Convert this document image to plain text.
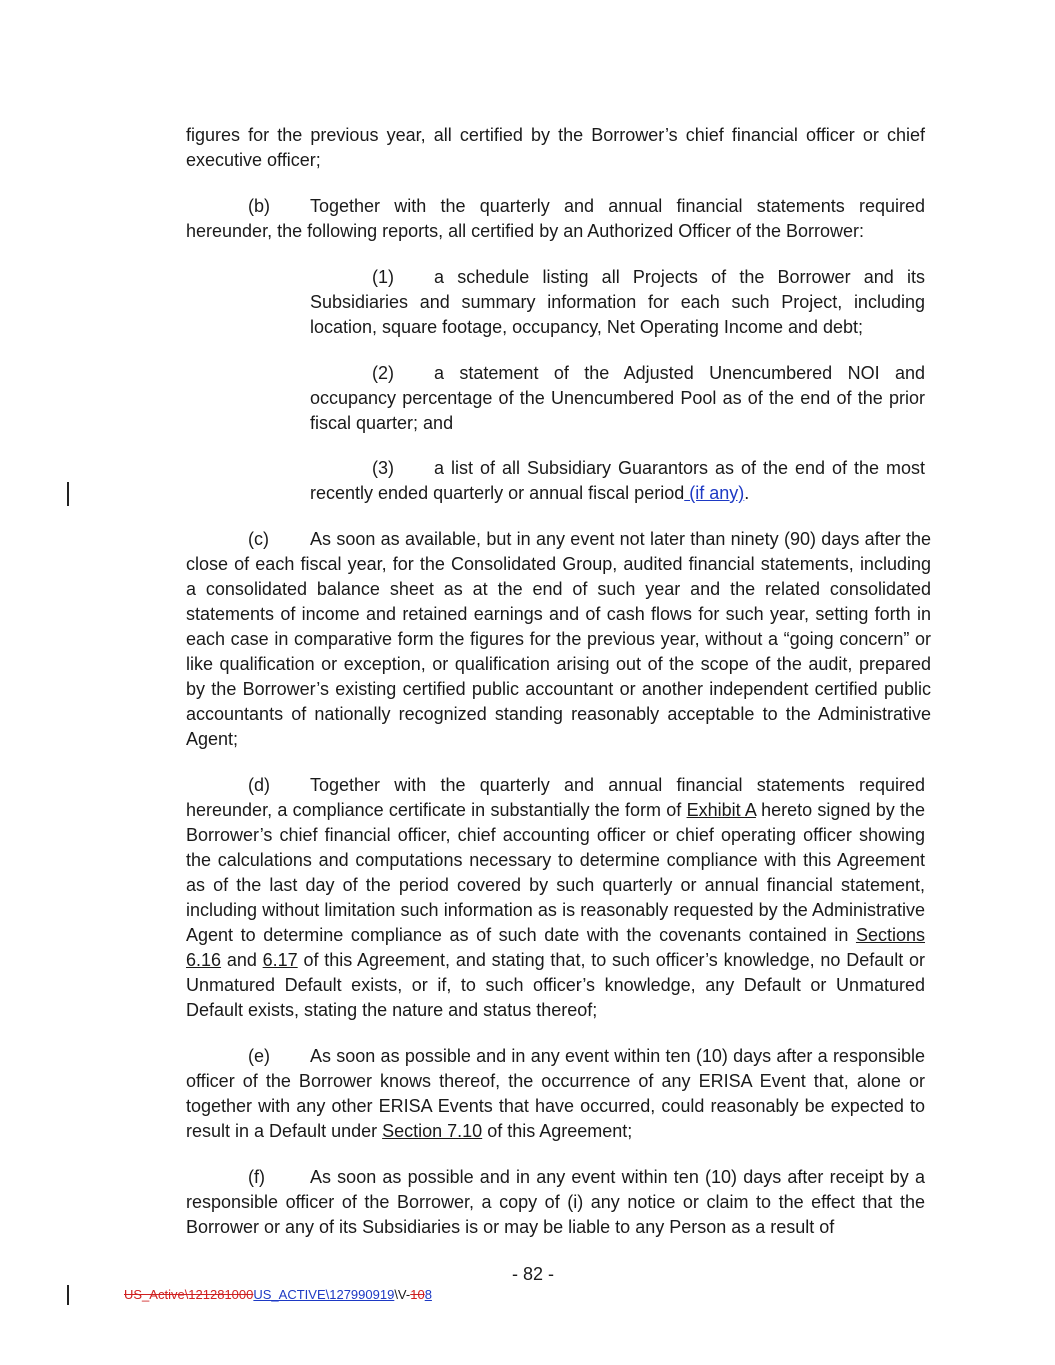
figures for the previous year, all certified by the Borrower’s chief financial officer or chief executive officer;

(b) Together with the quarterly and annual financial statements required hereunder, the following reports, all certified by an Authorized Officer of the Borrower:

(1) a schedule listing all Projects of the Borrower and its Subsidiaries and summary information for each such Project, including location, square footage, occupancy, Net Operating Income and debt;

(2) a statement of the Adjusted Unencumbered NOI and occupancy percentage of the Unencumbered Pool as of the end of the prior fiscal quarter; and

(3) a list of all Subsidiary Guarantors as of the end of the most recently ended quarterly or annual fiscal period (if any).

(c) As soon as available, but in any event not later than ninety (90) days after the close of each fiscal year, for the Consolidated Group, audited financial statements, including a consolidated balance sheet as at the end of such year and the related consolidated statements of income and retained earnings and of cash flows for such year, setting forth in each case in comparative form the figures for the previous year, without a “going concern” or like qualification or exception, or qualification arising out of the scope of the audit, prepared by the Borrower’s existing certified public accountant or another independent certified public accountants of nationally recognized standing reasonably acceptable to the Administrative Agent;

(d) Together with the quarterly and annual financial statements required hereunder, a compliance certificate in substantially the form of Exhibit A hereto signed by the Borrower’s chief financial officer, chief accounting officer or chief operating officer showing the calculations and computations necessary to determine compliance with this Agreement as of the last day of the period covered by such quarterly or annual financial statement, including without limitation such information as is reasonably requested by the Administrative Agent to determine compliance as of such date with the covenants contained in Sections 6.16 and 6.17 of this Agreement, and stating that, to such officer’s knowledge, no Default or Unmatured Default exists, or if, to such officer’s knowledge, any Default or Unmatured Default exists, stating the nature and status thereof;

(e) As soon as possible and in any event within ten (10) days after a responsible officer of the Borrower knows thereof, the occurrence of any ERISA Event that, alone or together with any other ERISA Events that have occurred, could reasonably be expected to result in a Default under Section 7.10 of this Agreement;

(f)	As soon as possible and in any event within ten (10) days after receipt by a responsible officer of the Borrower, a copy of (i) any notice or claim to the effect that the Borrower or any of its Subsidiaries is or may be liable to any Person as a result of

- 82 -
US_Active\121281000US_ACTIVE\127990919\V-108
